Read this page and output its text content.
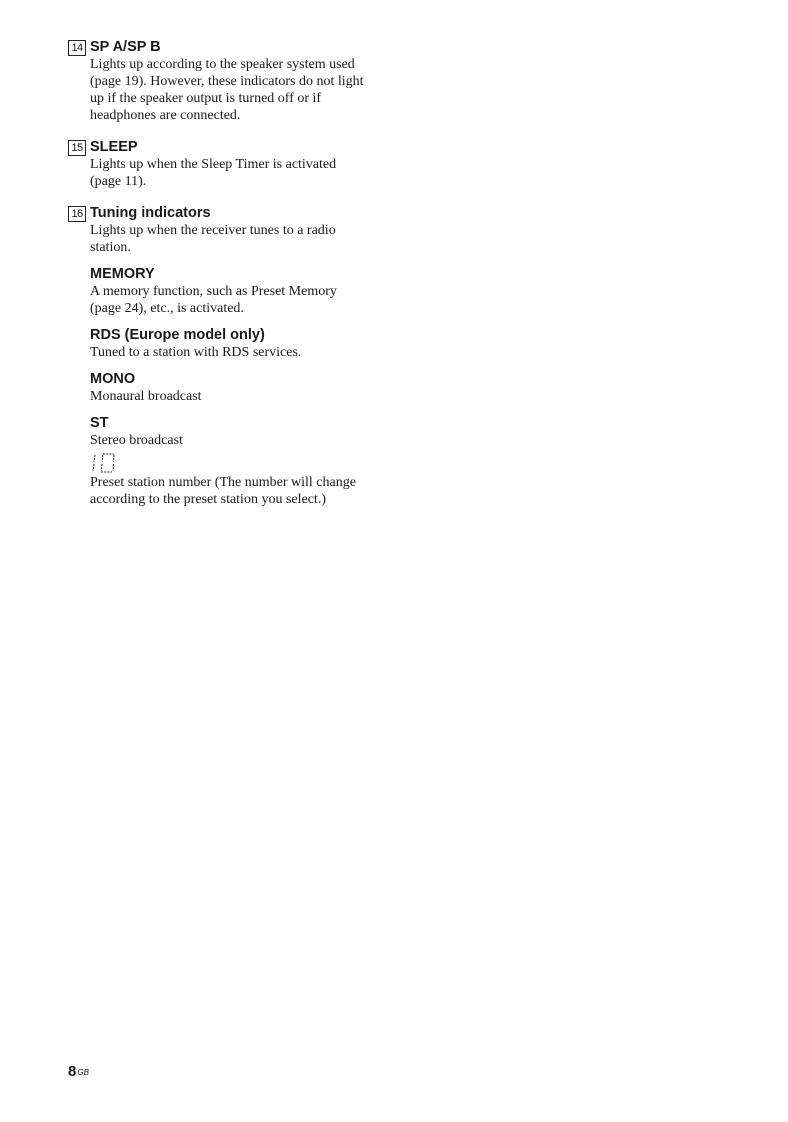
14 SP A/SP B

Lights up according to the speaker system used
(page 19). However, these indicators do not light
up if the speaker output is turned off or if
headphones are connected.

15 SLEEP

Lights up when the Sleep Timer is activated
(page 11).

16 Tuning indicators

Lights up when the receiver tunes to a radio
station.

MEMORY

A memory function, such as Preset Memory
(page 24), etc., is activated.

RDS (Europe model only)

Tuned to a station with RDS services.

MONO

Monaural broadcast

ST

Stereo broadcast

Preset station number (The number will change
according to the preset station you select.)

$8^{GB}$
